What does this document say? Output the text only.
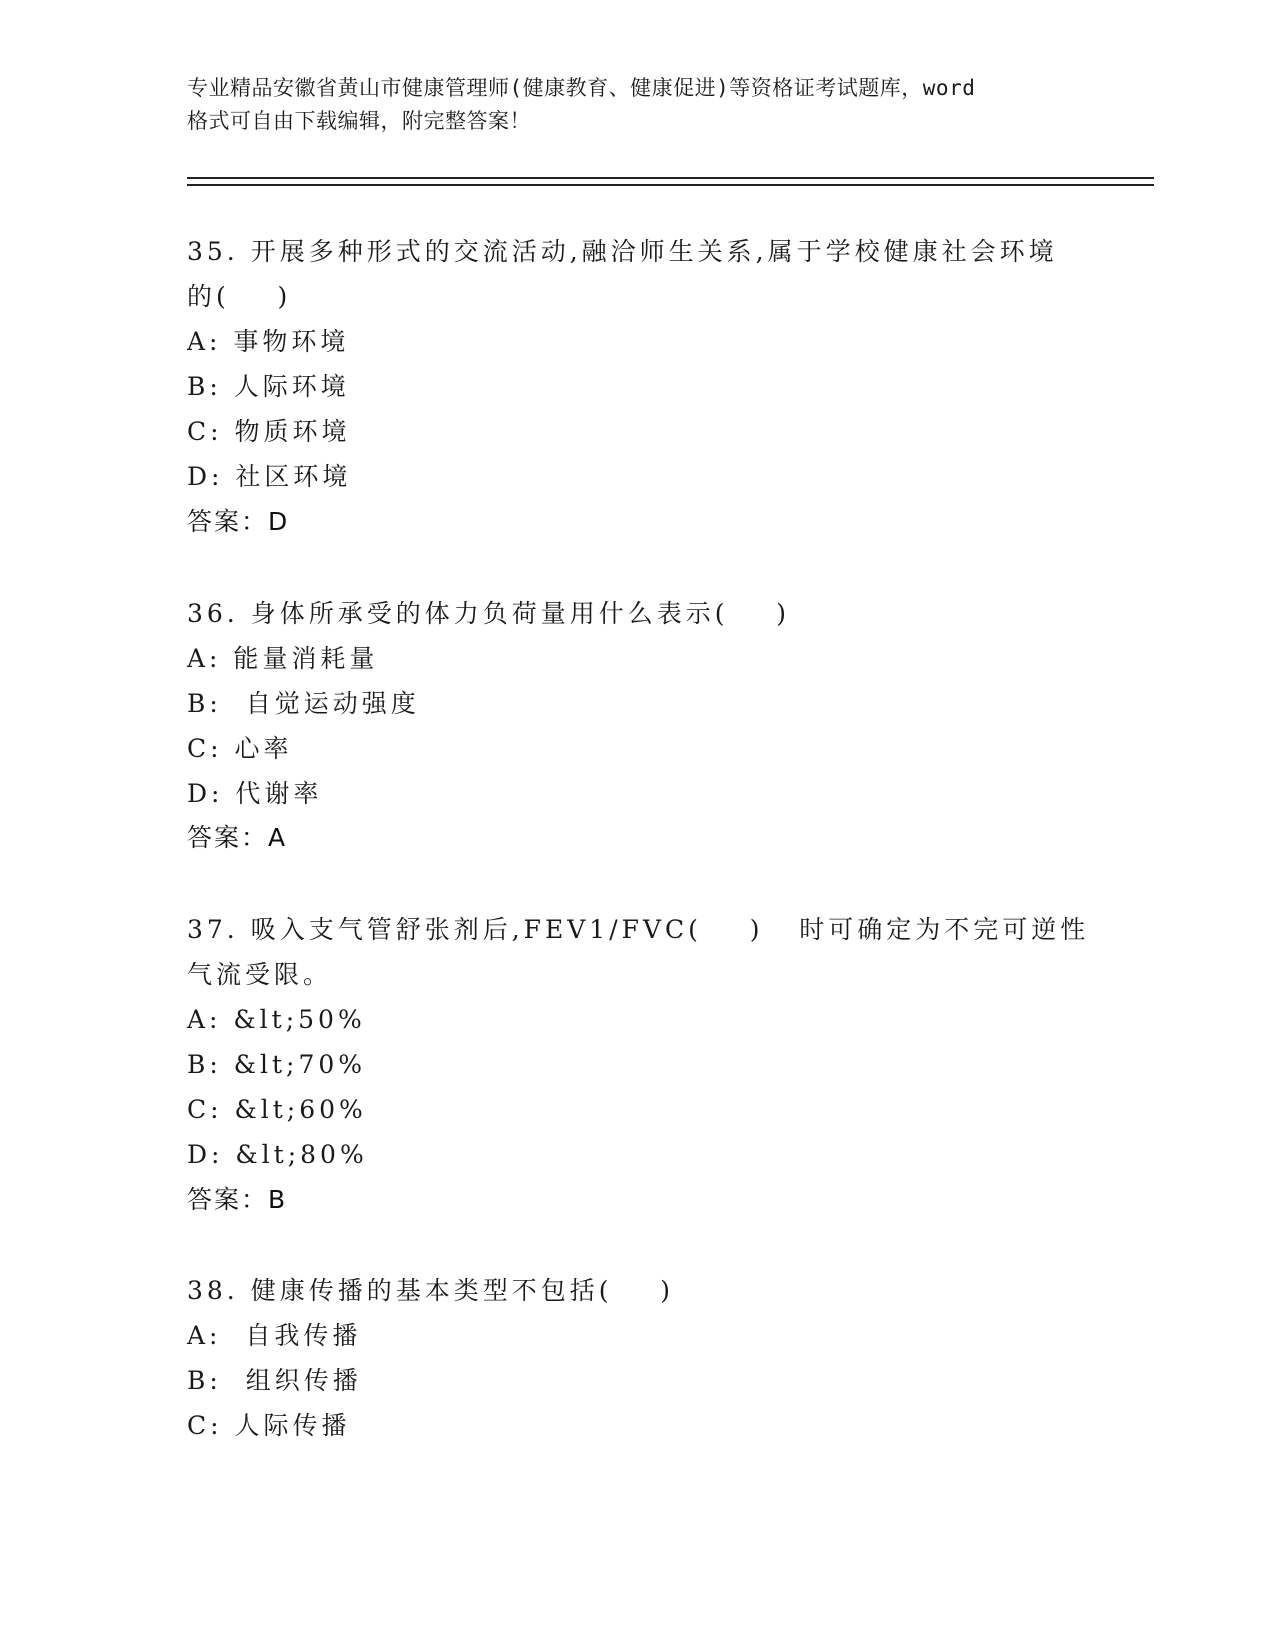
专业精品安徽省黄山市健康管理师(健康教育、健康促进)等资格证考试题库，word
格式可自由下载编辑，附完整答案！
35. 开展多种形式的交流活动,融洽师生关系,属于学校健康社会环境
的(    )
A: 事物环境
B: 人际环境
C: 物质环境
D: 社区环境
答案：D
36. 身体所承受的体力负荷量用什么表示(    )
A: 能量消耗量
B:  自觉运动强度
C: 心率
D: 代谢率
答案：A
37. 吸入支气管舒张剂后,FEV1/FVC(    )   时可确定为不完可逆性
气流受限。
A: &lt;50%
B: &lt;70%
C: &lt;60%
D: &lt;80%
答案：B
38. 健康传播的基本类型不包括(    )
A:  自我传播
B:  组织传播
C: 人际传播
